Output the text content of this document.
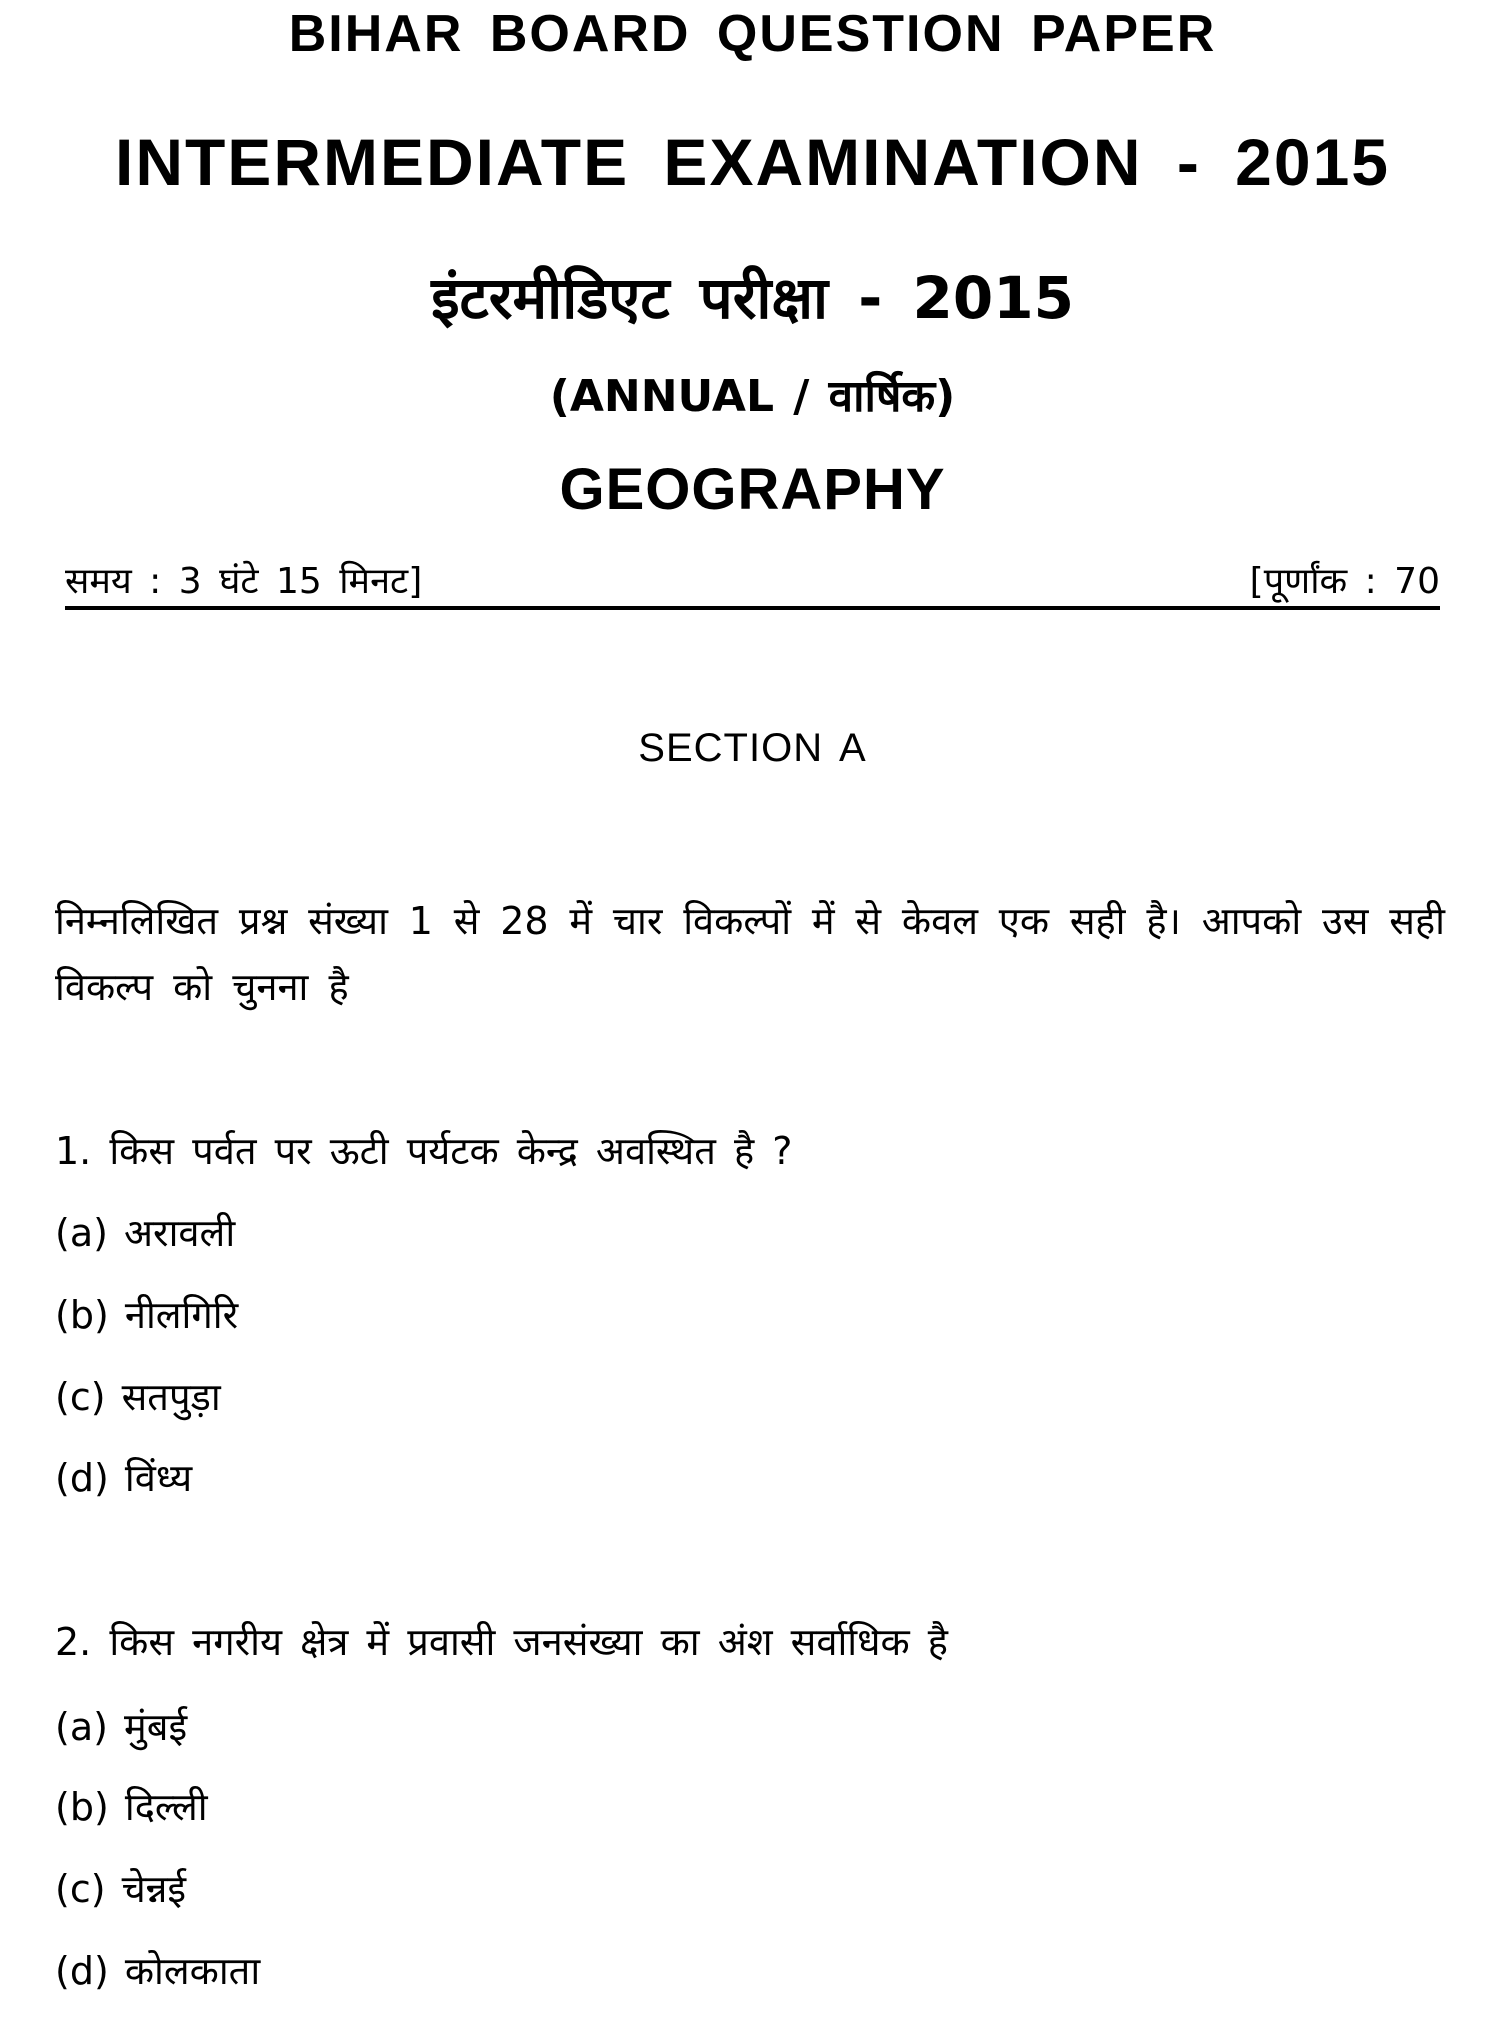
BIHAR BOARD QUESTION PAPER
INTERMEDIATE EXAMINATION - 2015
इंटरमीडिएट परीक्षा - 2015
(ANNUAL / वार्षिक)
GEOGRAPHY
समय : 3 घंटे 15 मिनट]	[पूर्णांक : 70
SECTION A
निम्नलिखित प्रश्न संख्या 1 से 28 में चार विकल्पों में से केवल एक सही है। आपको उस सही विकल्प को चुनना है
1. किस पर्वत पर ऊटी पर्यटक केन्द्र अवस्थित है ?
(a) अरावली
(b) नीलगिरि
(c) सतपुड़ा
(d) विंध्य
2. किस नगरीय क्षेत्र में प्रवासी जनसंख्या का अंश सर्वाधिक है
(a) मुंबई
(b) दिल्ली
(c) चेन्नई
(d) कोलकाता
